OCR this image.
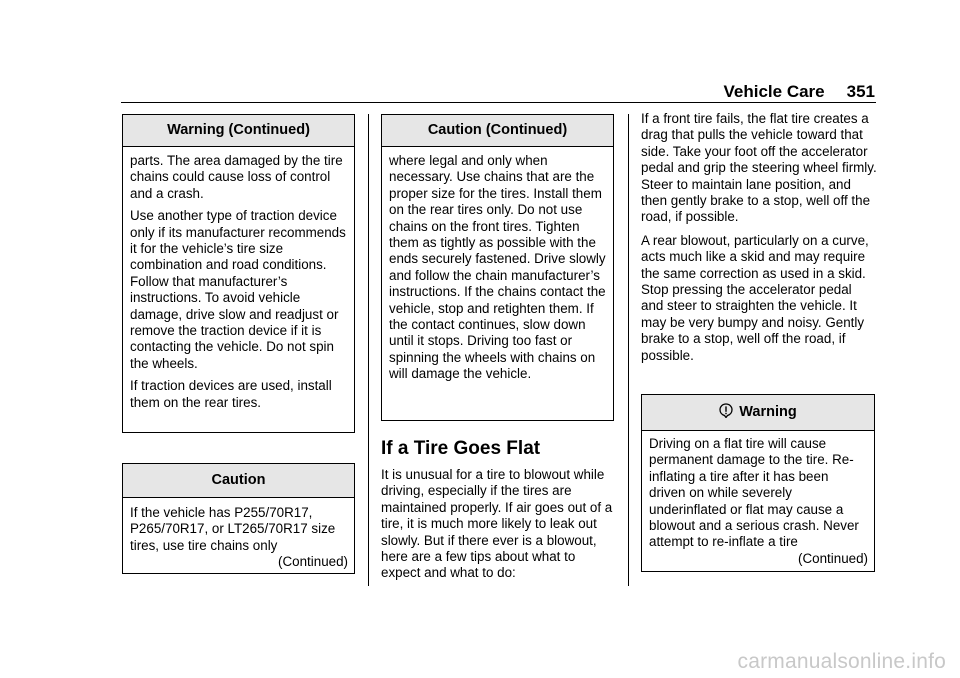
Vehicle Care 351
Warning (Continued)

parts. The area damaged by the tire chains could cause loss of control and a crash.

Use another type of traction device only if its manufacturer recommends it for the vehicle’s tire size combination and road conditions. Follow that manufacturer’s instructions. To avoid vehicle damage, drive slow and readjust or remove the traction device if it is contacting the vehicle. Do not spin the wheels.

If traction devices are used, install them on the rear tires.

Caution

If the vehicle has P255/70R17, P265/70R17, or LT265/70R17 size tires, use tire chains only

(Continued)

Caution (Continued)

where legal and only when necessary. Use chains that are the proper size for the tires. Install them on the rear tires only. Do not use chains on the front tires. Tighten them as tightly as possible with the ends securely fastened. Drive slowly and follow the chain manufacturer’s instructions. If the chains contact the vehicle, stop and retighten them. If the contact continues, slow down until it stops. Driving too fast or spinning the wheels with chains on will damage the vehicle.

If a Tire Goes Flat

It is unusual for a tire to blowout while driving, especially if the tires are maintained properly. If air goes out of a tire, it is much more likely to leak out slowly. But if there ever is a blowout, here are a few tips about what to expect and what to do:

If a front tire fails, the flat tire creates a drag that pulls the vehicle toward that side. Take your foot off the accelerator pedal and grip the steering wheel firmly. Steer to maintain lane position, and then gently brake to a stop, well off the road, if possible.

A rear blowout, particularly on a curve, acts much like a skid and may require the same correction as used in a skid. Stop pressing the accelerator pedal and steer to straighten the vehicle. It may be very bumpy and noisy. Gently brake to a stop, well off the road, if possible.

Warning

Driving on a flat tire will cause permanent damage to the tire. Re-inflating a tire after it has been driven on while severely underinflated or flat may cause a blowout and a serious crash. Never attempt to re-inflate a tire

(Continued)

carmanualsonline.info
